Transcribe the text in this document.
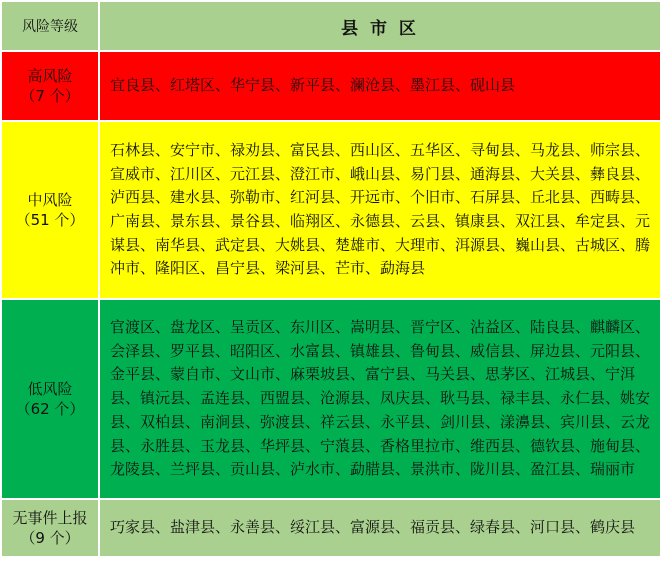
风险等级	县 市 区
高风险
（7 个）	宜良县、红塔区、华宁县、新平县、澜沧县、墨江县、砚山县
中风险
（51 个）	石林县、安宁市、禄劝县、富民县、西山区、五华区、寻甸县、马龙县、师宗县、宣威市、江川区、元江县、澄江市、峨山县、易门县、通海县、大关县、彝良县、泸西县、建水县、弥勒市、红河县、开远市、个旧市、石屏县、丘北县、西畴县、广南县、景东县、景谷县、临翔区、永德县、云县、镇康县、双江县、牟定县、元谋县、南华县、武定县、大姚县、楚雄市、大理市、洱源县、巍山县、古城区、腾冲市、隆阳区、昌宁县、梁河县、芒市、勐海县
低风险
（62 个）	官渡区、盘龙区、呈贡区、东川区、嵩明县、晋宁区、沾益区、陆良县、麒麟区、会泽县、罗平县、昭阳区、水富县、镇雄县、鲁甸县、威信县、屏边县、元阳县、金平县、蒙自市、文山市、麻栗坡县、富宁县、马关县、思茅区、江城县、宁洱县、镇沅县、孟连县、西盟县、沧源县、凤庆县、耿马县、禄丰县、永仁县、姚安县、双柏县、南涧县、弥渡县、祥云县、永平县、剑川县、漾濞县、宾川县、云龙县、永胜县、玉龙县、华坪县、宁蒗县、香格里拉市、维西县、德钦县、施甸县、龙陵县、兰坪县、贡山县、泸水市、勐腊县、景洪市、陇川县、盈江县、瑞丽市
无事件上报
（9 个）	巧家县、盐津县、永善县、绥江县、富源县、福贡县、绿春县、河口县、鹤庆县
